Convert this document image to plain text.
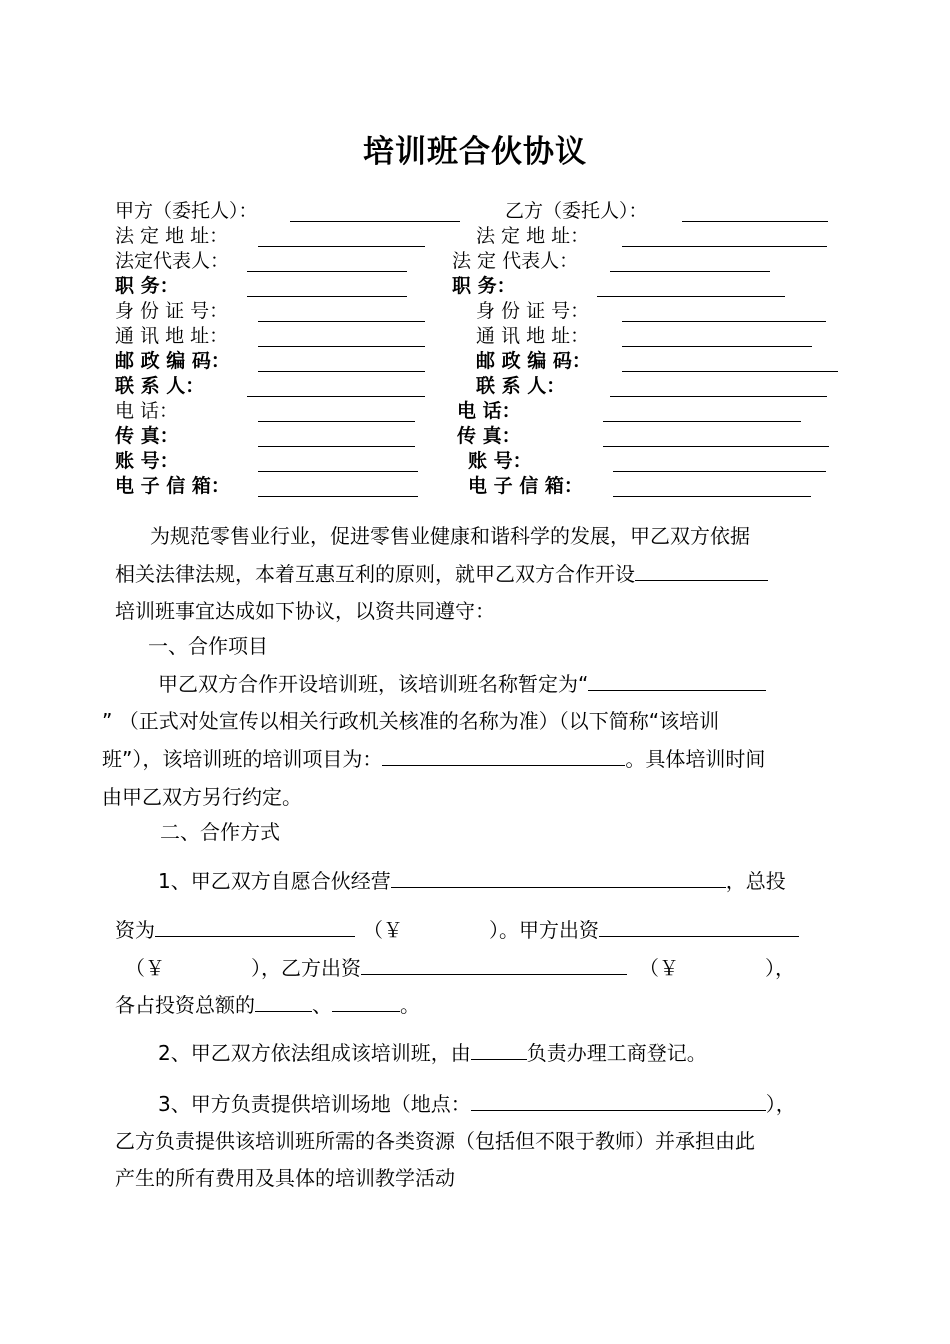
培训班合伙协议
甲方（委托人）：	乙方（委托人）：
法 定 地 址：	法 定 地 址：
法定代表人：	法 定 代表人：
职 务：	职 务：
身 份 证 号：	身 份 证 号：
通 讯 地 址：	通 讯 地 址：
邮 政 编 码：	邮 政 编 码：
联 系 人：	联 系 人：
电 话：	电 话：
传 真：	传 真：
账 号：	账 号：
电 子 信 箱：	电 子 信 箱：
为规范零售业行业，促进零售业健康和谐科学的发展，甲乙双方依据
相关法律法规，本着互惠互利的原则，就甲乙双方合作开设
培训班事宜达成如下协议，以资共同遵守：
一、合作项目
甲乙双方合作开设培训班，该培训班名称暂定为“
” （正式对处宣传以相关行政机关核准的名称为准）（以下简称“该培训
班”），该培训班的培训项目为：	。具体培训时间
由甲乙双方另行约定。
二、合作方式
1、甲乙双方自愿合伙经营	，总投
资为	（￥	）。甲方出资
（￥	），乙方出资	（￥	），
各占投资总额的	、	。
2、甲乙双方依法组成该培训班，由	负责办理工商登记。
3、甲方负责提供培训场地（地点：	），
乙方负责提供该培训班所需的各类资源（包括但不限于教师）并承担由此
产生的所有费用及具体的培训教学活动
